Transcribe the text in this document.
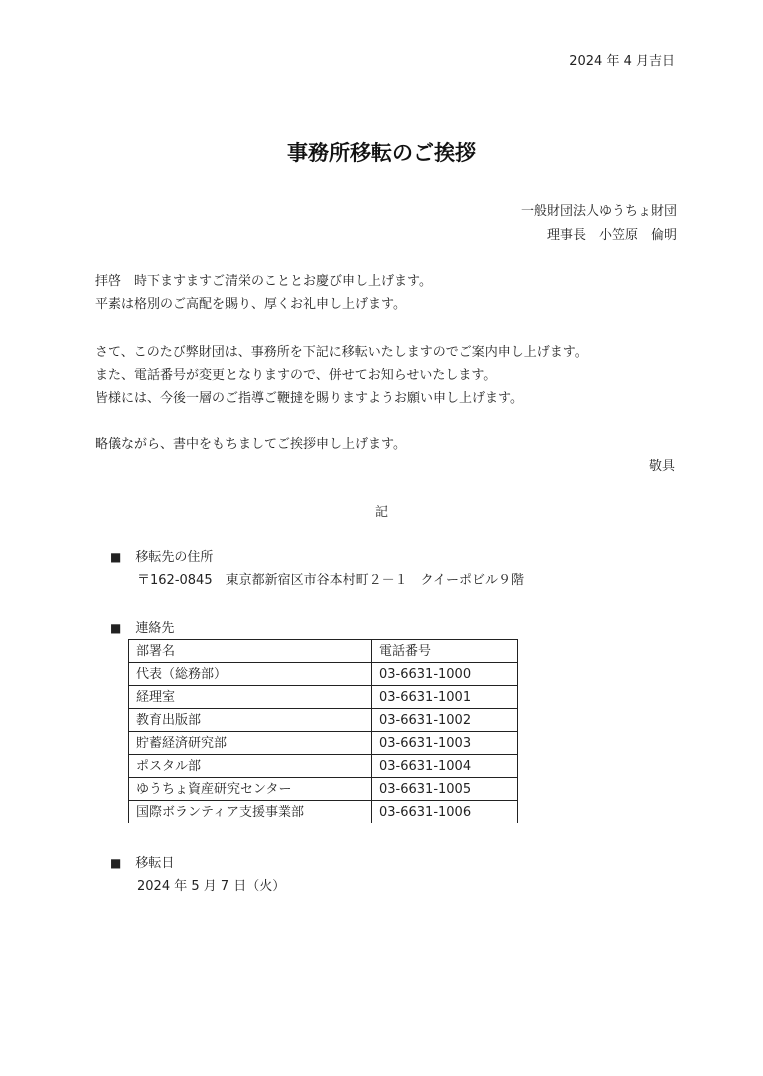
2024 年 4 月吉日
事務所移転のご挨拶
一般財団法人ゆうちょ財団
理事長　小笠原　倫明
拝啓　時下ますますご清栄のこととお慶び申し上げます。
平素は格別のご高配を賜り、厚くお礼申し上げます。
さて、このたび弊財団は、事務所を下記に移転いたしますのでご案内申し上げます。
また、電話番号が変更となりますので、併せてお知らせいたします。
皆様には、今後一層のご指導ご鞭撻を賜りますようお願い申し上げます。
略儀ながら、書中をもちましてご挨拶申し上げます。
敬具
記
■ 移転先の住所
〒162-0845　東京都新宿区市谷本村町２－１　クイーポビル９階
■ 連絡先
部署名	電話番号
代表（総務部）	03-6631-1000
経理室	03-6631-1001
教育出版部	03-6631-1002
貯蓄経済研究部	03-6631-1003
ポスタル部	03-6631-1004
ゆうちょ資産研究センター	03-6631-1005
国際ボランティア支援事業部	03-6631-1006
■ 移転日
2024 年 5 月 7 日（火）
